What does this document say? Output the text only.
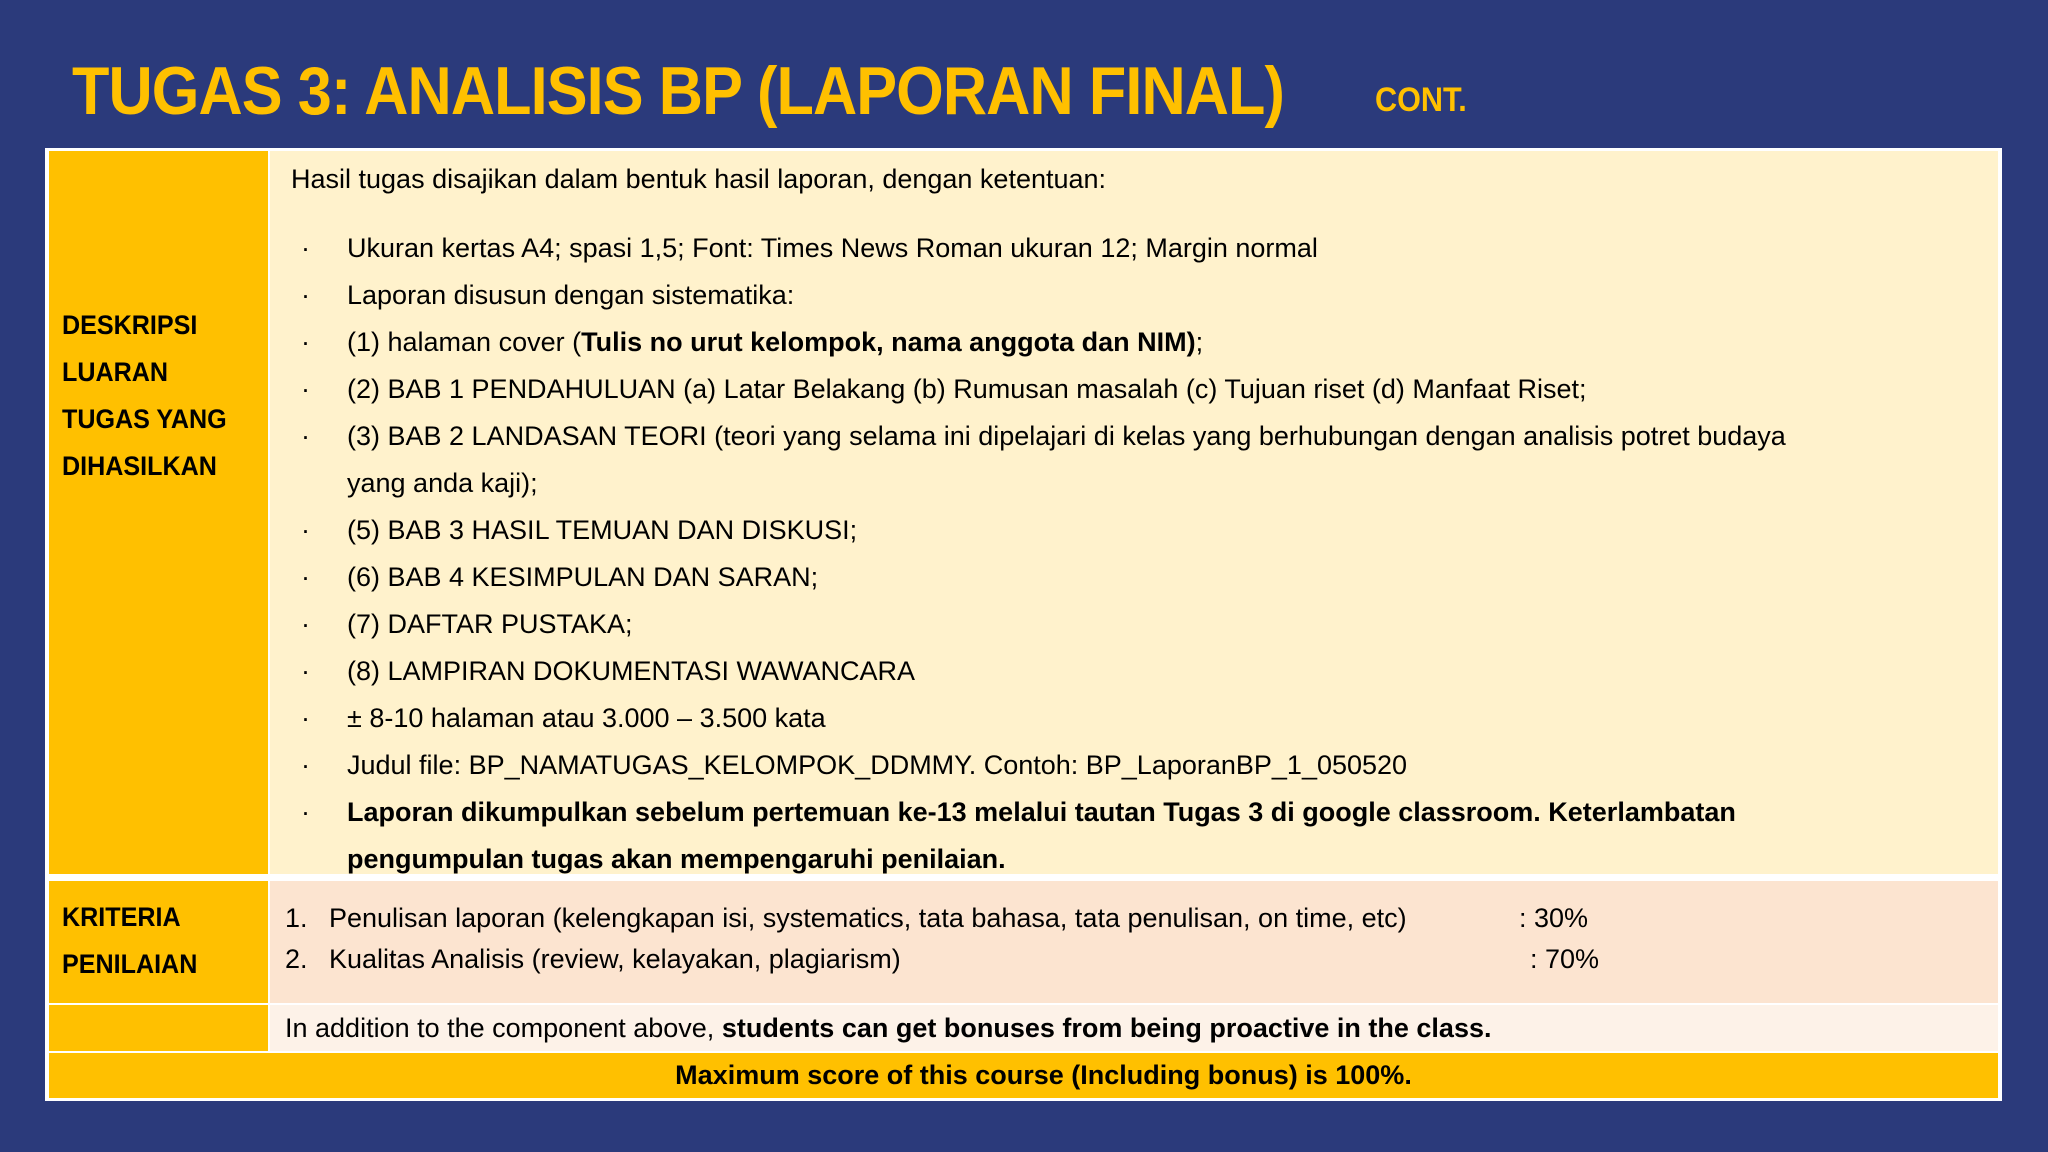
TUGAS 3: ANALISIS BP (LAPORAN FINAL)	CONT.
DESKRIPSI
LUARAN
TUGAS YANG
DIHASILKAN
Hasil tugas disajikan dalam bentuk hasil laporan, dengan ketentuan:
· Ukuran kertas A4; spasi 1,5; Font: Times News Roman ukuran 12; Margin normal
· Laporan disusun dengan sistematika:
· (1) halaman cover (Tulis no urut kelompok, nama anggota dan NIM);
· (2) BAB 1 PENDAHULUAN (a) Latar Belakang (b) Rumusan masalah (c) Tujuan riset (d) Manfaat Riset;
· (3) BAB 2 LANDASAN TEORI (teori yang selama ini dipelajari di kelas yang berhubungan dengan analisis potret budaya
yang anda kaji);
· (5) BAB 3 HASIL TEMUAN DAN DISKUSI;
· (6) BAB 4 KESIMPULAN DAN SARAN;
· (7) DAFTAR PUSTAKA;
· (8) LAMPIRAN DOKUMENTASI WAWANCARA
· ± 8-10 halaman atau 3.000 – 3.500 kata
· Judul file: BP_NAMATUGAS_KELOMPOK_DDMMY. Contoh: BP_LaporanBP_1_050520
· Laporan dikumpulkan sebelum pertemuan ke-13 melalui tautan Tugas 3 di google classroom. Keterlambatan
pengumpulan tugas akan mempengaruhi penilaian.
KRITERIA
PENILAIAN
1. Penulisan laporan (kelengkapan isi, systematics, tata bahasa, tata penulisan, on time, etc)	: 30%
2. Kualitas Analisis (review, kelayakan, plagiarism)	: 70%
In addition to the component above, students can get bonuses from being proactive in the class.
Maximum score of this course (Including bonus) is 100%.
